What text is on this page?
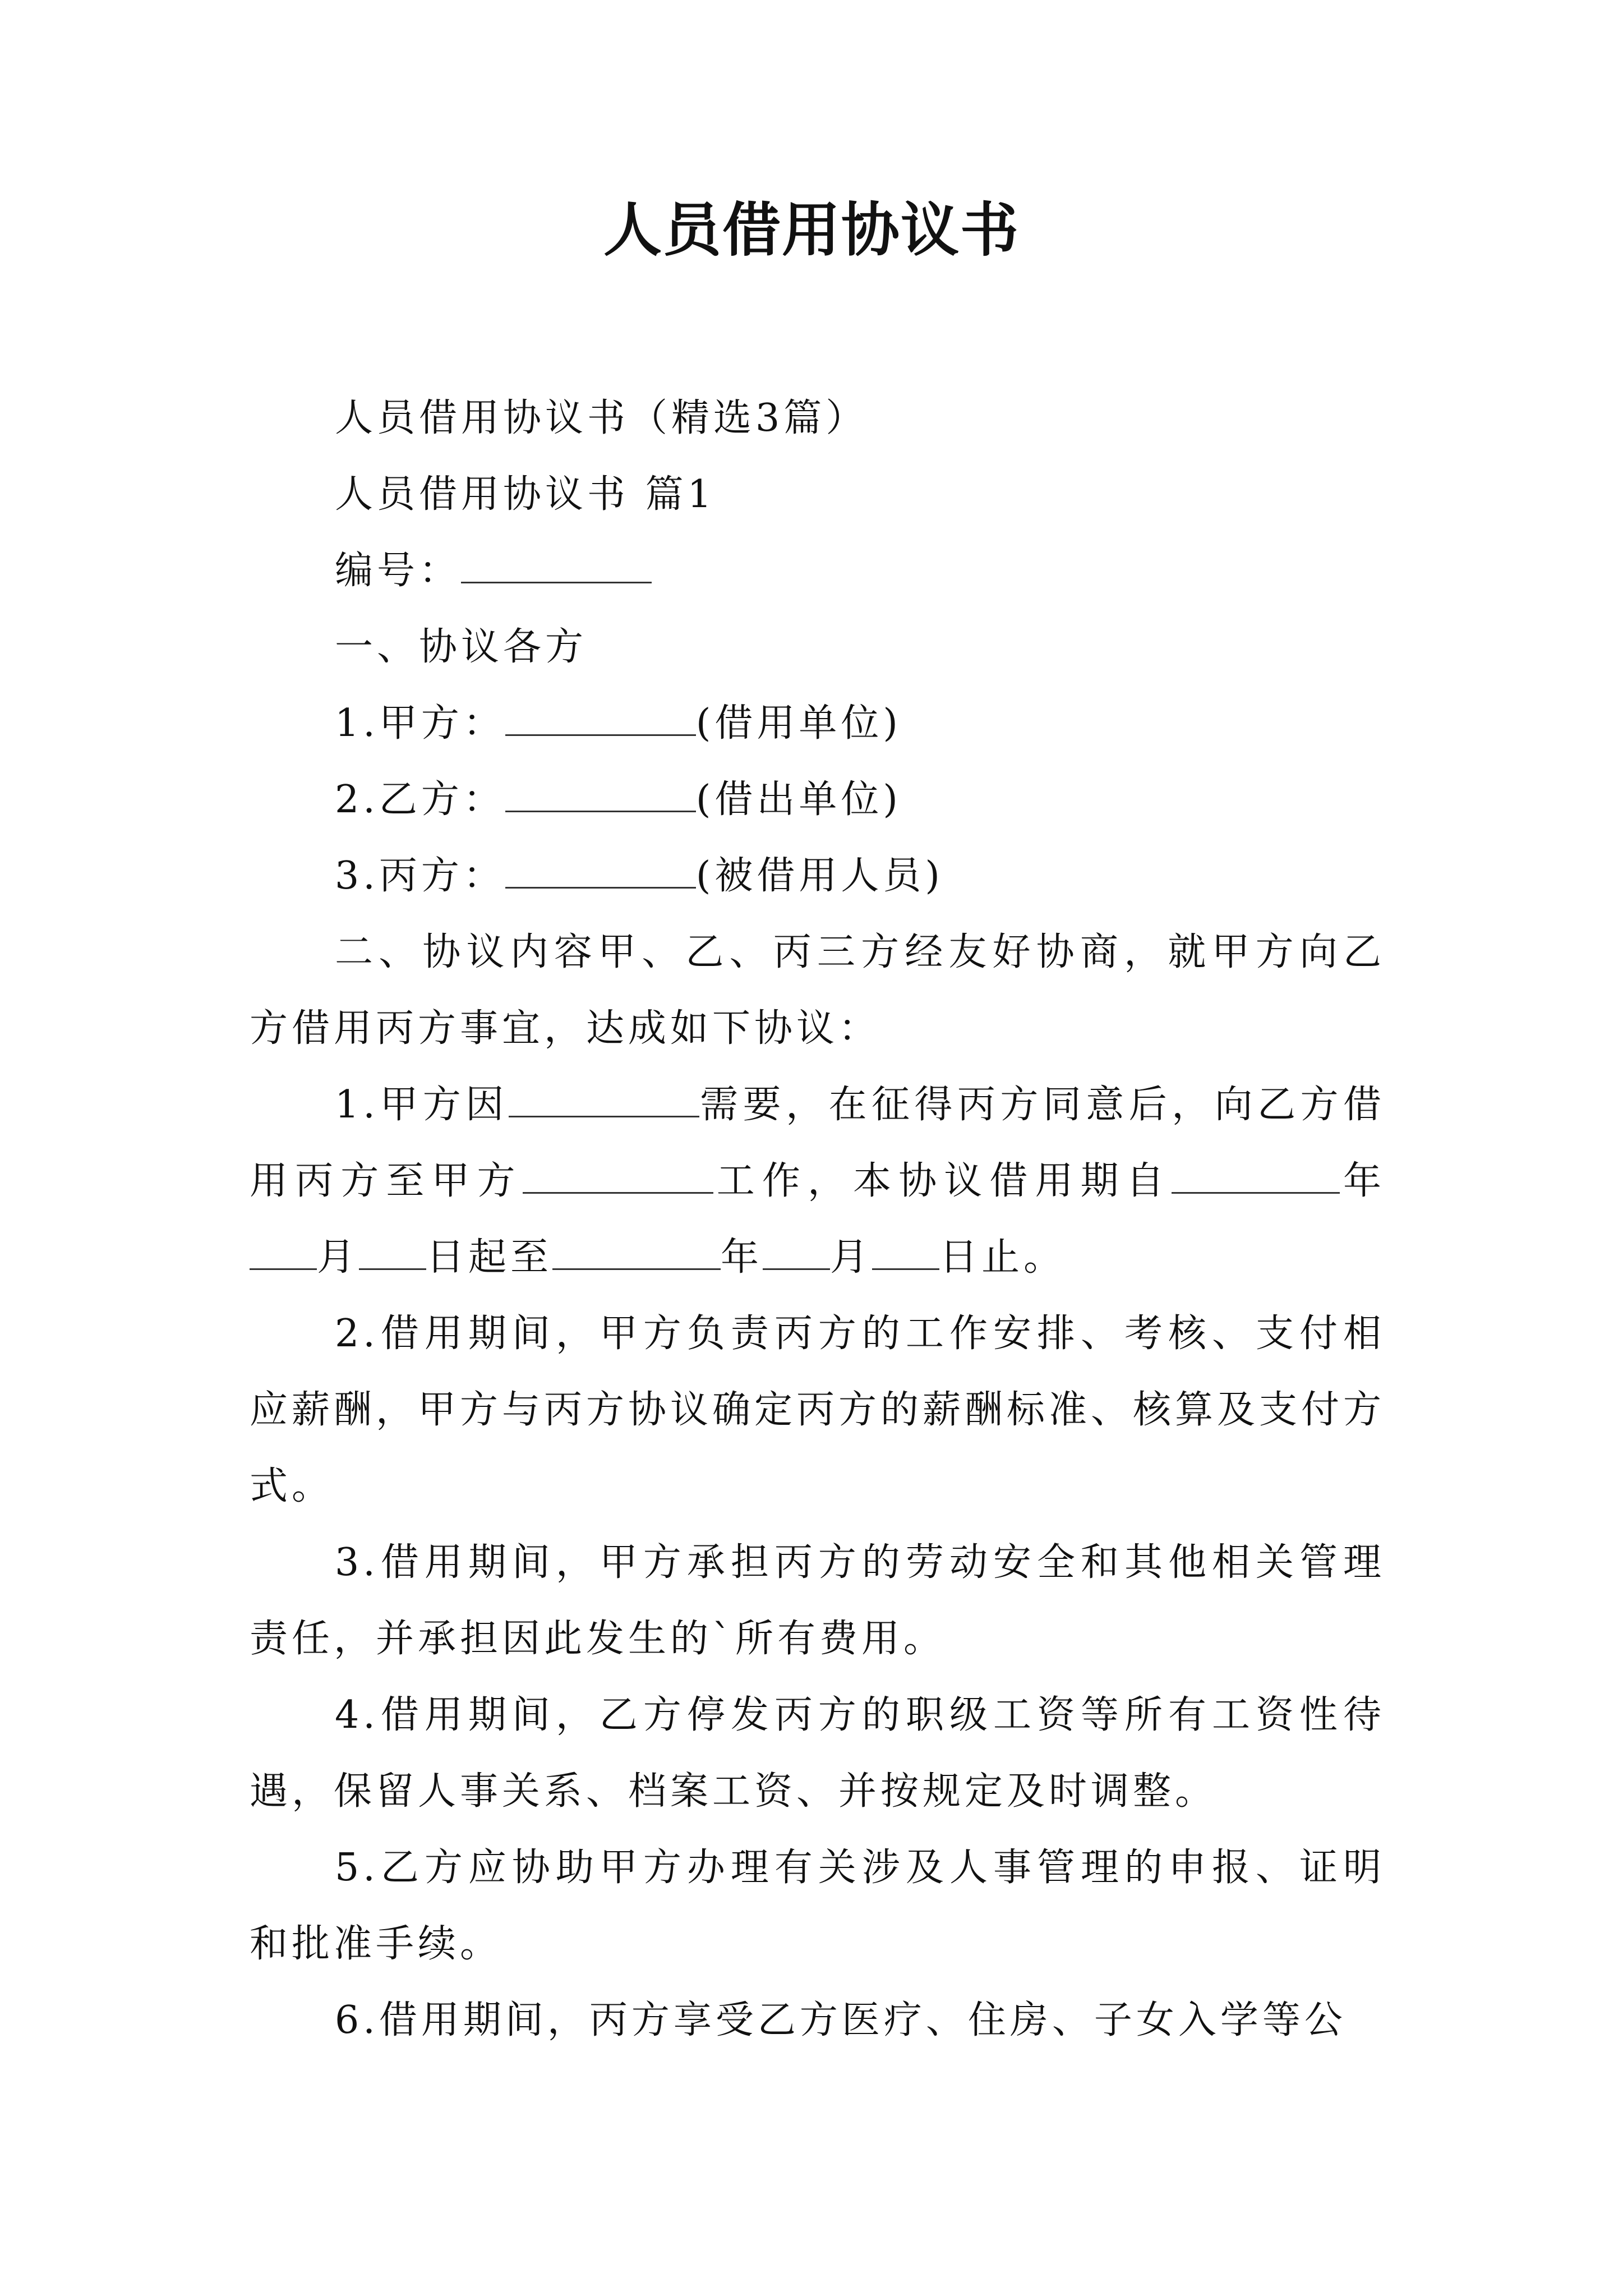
人员借用协议书

人员借用协议书（精选3篇）

人员借用协议书 篇1

编号：

一、协议各方

1.甲方：	(借用单位)

2.乙方：	(借出单位)

3.丙方：	(被借用人员)

二、协议内容甲、乙、丙三方经友好协商，就甲方向乙方借用丙方事宜，达成如下协议：

1.甲方因	需要，在征得丙方同意后，向乙方借用丙方至甲方	工作，本协议借用期自	年月 日起至	年 月 日止。

2.借用期间，甲方负责丙方的工作安排、考核、支付相应薪酬，甲方与丙方协议确定丙方的薪酬标准、核算及支付方式。

3.借用期间，甲方承担丙方的劳动安全和其他相关管理责任，并承担因此发生的`所有费用。

4.借用期间，乙方停发丙方的职级工资等所有工资性待遇，保留人事关系、档案工资、并按规定及时调整。

5.乙方应协助甲方办理有关涉及人事管理的申报、证明和批准手续。

6.借用期间，丙方享受乙方医疗、住房、子女入学等公
